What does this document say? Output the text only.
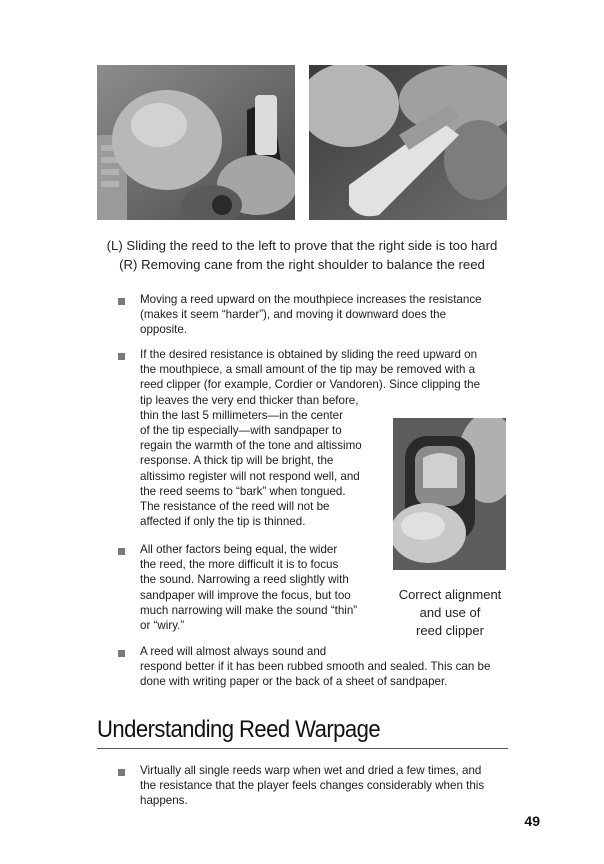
(L) Sliding the reed to the left to prove that the right side is too hard
(R) Removing cane from the right shoulder to balance the reed
Moving a reed upward on the mouthpiece increases the resistance
(makes it seem “harder”), and moving it downward does the
opposite.
If the desired resistance is obtained by sliding the reed upward on
the mouthpiece, a small amount of the tip may be removed with a
reed clipper (for example, Cordier or Vandoren). Since clipping the
tip leaves the very end thicker than before,
thin the last 5 millimeters—in the center
of the tip especially—with sandpaper to
regain the warmth of the tone and altissimo
response. A thick tip will be bright, the
altissimo register will not respond well, and
the reed seems to “bark” when tongued.
The resistance of the reed will not be
affected if only the tip is thinned.
All other factors being equal, the wider
the reed, the more difficult it is to focus
the sound. Narrowing a reed slightly with
sandpaper will improve the focus, but too
much narrowing will make the sound “thin”
or “wiry.”
Correct alignment
and use of
reed clipper
A reed will almost always sound and
respond better if it has been rubbed smooth and sealed. This can be
done with writing paper or the back of a sheet of sandpaper.
Understanding Reed Warpage
Virtually all single reeds warp when wet and dried a few times, and
the resistance that the player feels changes considerably when this
happens.
49
